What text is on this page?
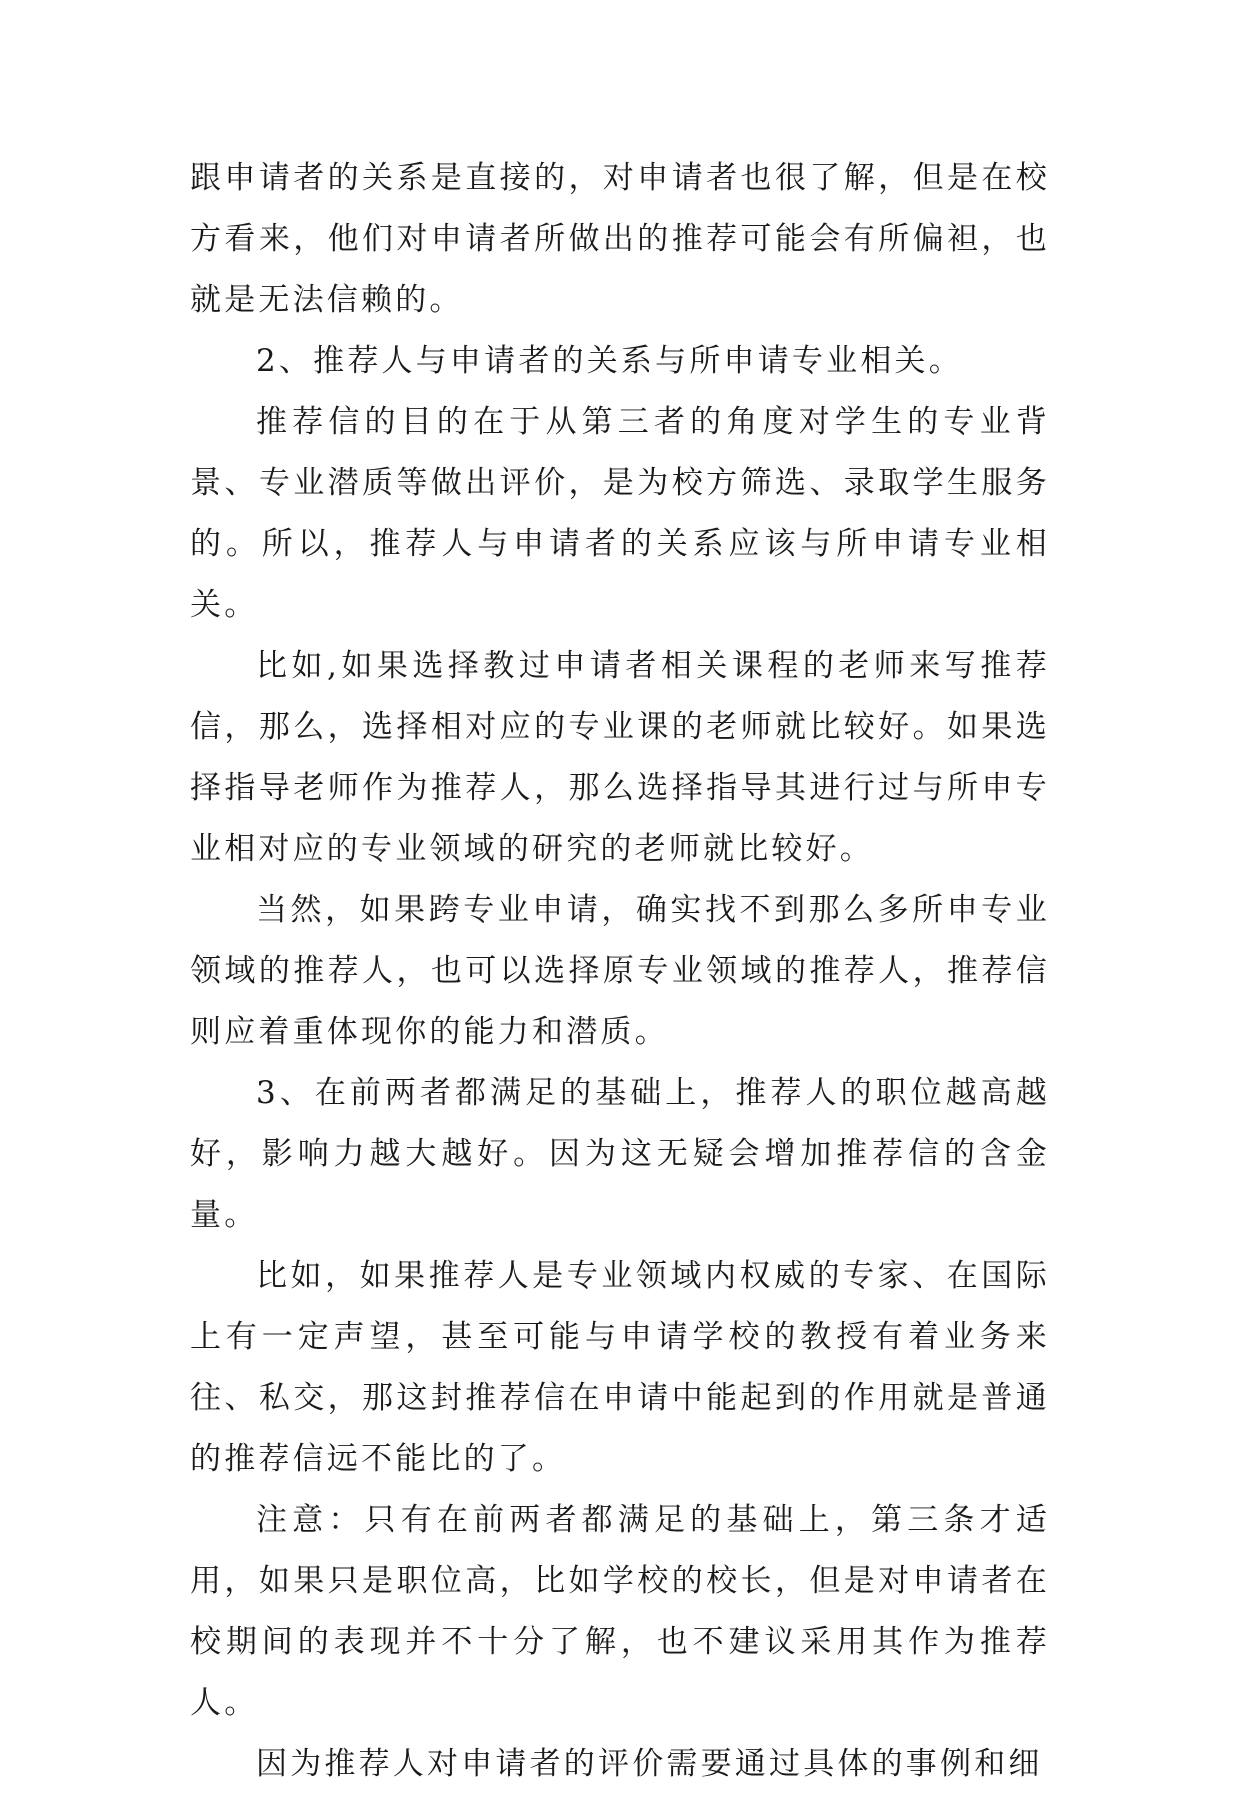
跟申请者的关系是直接的，对申请者也很了解，但是在校方看来，他们对申请者所做出的推荐可能会有所偏袒，也就是无法信赖的。

2、推荐人与申请者的关系与所申请专业相关。

推荐信的目的在于从第三者的角度对学生的专业背景、专业潜质等做出评价，是为校方筛选、录取学生服务的。所以，推荐人与申请者的关系应该与所申请专业相关。

比如,如果选择教过申请者相关课程的老师来写推荐信，那么，选择相对应的专业课的老师就比较好。如果选择指导老师作为推荐人，那么选择指导其进行过与所申专业相对应的专业领域的研究的老师就比较好。

当然，如果跨专业申请，确实找不到那么多所申专业领域的推荐人，也可以选择原专业领域的推荐人，推荐信则应着重体现你的能力和潜质。

3、在前两者都满足的基础上，推荐人的职位越高越好，影响力越大越好。因为这无疑会增加推荐信的含金量。

比如，如果推荐人是专业领域内权威的专家、在国际上有一定声望，甚至可能与申请学校的教授有着业务来往、私交，那这封推荐信在申请中能起到的作用就是普通的推荐信远不能比的了。

注意：只有在前两者都满足的基础上，第三条才适用，如果只是职位高，比如学校的校长，但是对申请者在校期间的表现并不十分了解，也不建议采用其作为推荐人。

因为推荐人对申请者的评价需要通过具体的事例和细
